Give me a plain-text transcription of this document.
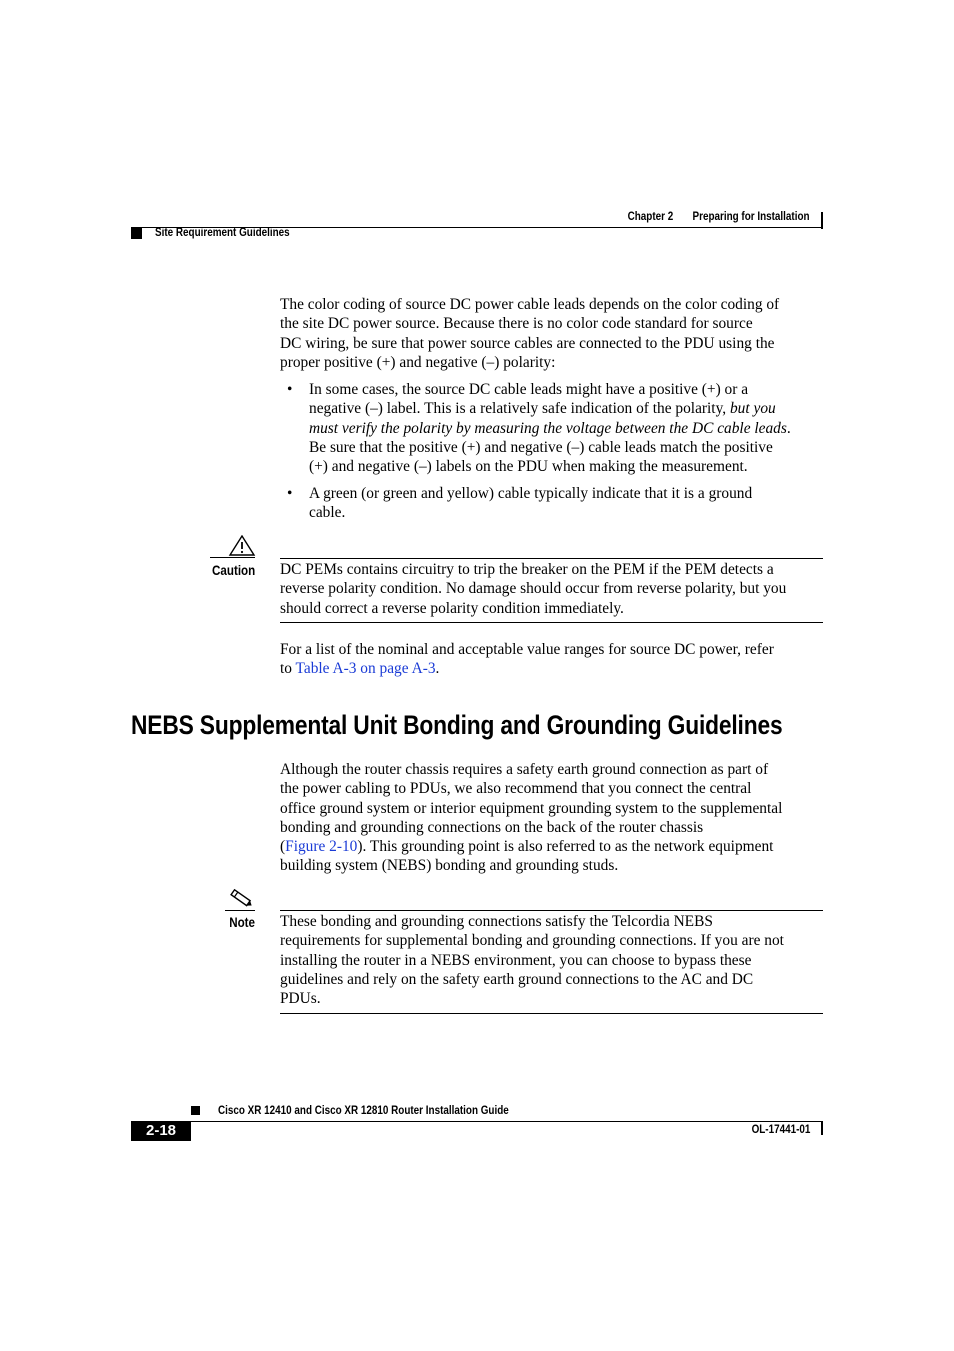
Chapter 2 Preparing for Installation
Site Requirement Guidelines
The color coding of source DC power cable leads depends on the color coding of
the site DC power source. Because there is no color code standard for source
DC wiring, be sure that power source cables are connected to the PDU using the
proper positive (+) and negative (–) polarity:
• In some cases, the source DC cable leads might have a positive (+) or a
negative (–) label. This is a relatively safe indication of the polarity, but you
must verify the polarity by measuring the voltage between the DC cable leads.
Be sure that the positive (+) and negative (–) cable leads match the positive
(+) and negative (–) labels on the PDU when making the measurement.
• A green (or green and yellow) cable typically indicate that it is a ground
cable.
Caution DC PEMs contains circuitry to trip the breaker on the PEM if the PEM detects a
reverse polarity condition. No damage should occur from reverse polarity, but you
should correct a reverse polarity condition immediately.
For a list of the nominal and acceptable value ranges for source DC power, refer
to Table A-3 on page A-3.
NEBS Supplemental Unit Bonding and Grounding Guidelines
Although the router chassis requires a safety earth ground connection as part of
the power cabling to PDUs, we also recommend that you connect the central
office ground system or interior equipment grounding system to the supplemental
bonding and grounding connections on the back of the router chassis
(Figure 2-10). This grounding point is also referred to as the network equipment
building system (NEBS) bonding and grounding studs.
Note These bonding and grounding connections satisfy the Telcordia NEBS
requirements for supplemental bonding and grounding connections. If you are not
installing the router in a NEBS environment, you can choose to bypass these
guidelines and rely on the safety earth ground connections to the AC and DC
PDUs.
Cisco XR 12410 and Cisco XR 12810 Router Installation Guide
2-18	OL-17441-01
